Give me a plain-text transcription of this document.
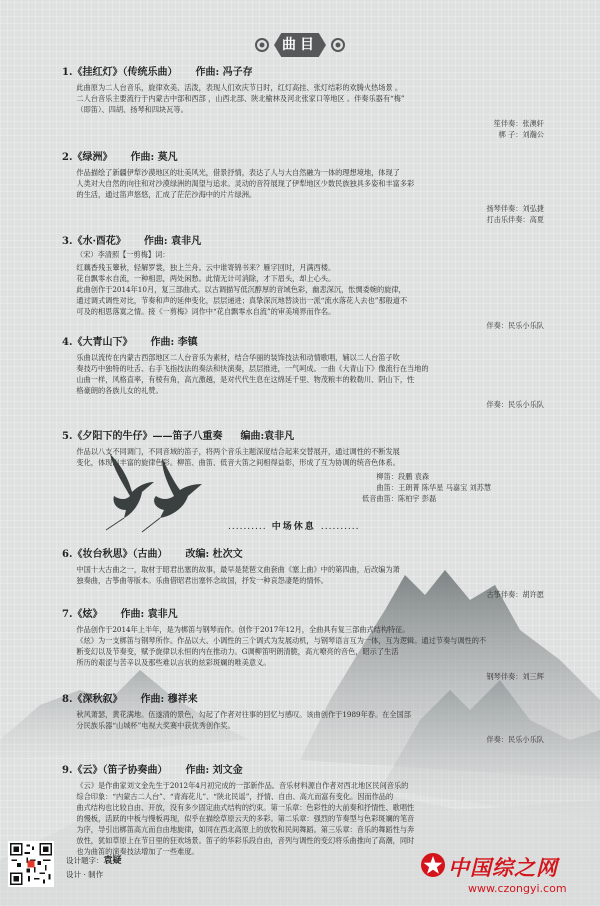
曲目
1.《挂红灯》（传统乐曲） 作曲: 冯子存
此曲原为二人台音乐，旋律欢美、活泼，表现人们欢庆节日时，红灯高挂、张灯结彩的欢腾火热场景 。
二人台音乐主要流行于内蒙古中部和西部 ，山西北部、陕北榆林及河北张家口等地区 。伴奏乐器有“梅”
（即笛）、四胡、扬琴和四块瓦等。
笙伴奏：张澳轩
梆 子：刘瀚公
2.《绿洲》 作曲: 莫凡
作品描绘了新疆伊犁沙漠地区的壮美风光，借景抒情，表达了人与大自然融为一体的理想境地，体现了
人类对大自然的向往和对沙漠绿洲的渴望与追求。灵动的音符展现了伊犁地区少数民族独具多姿和丰富多彩
的生活，通过笛声悠悠，汇成了茫茫沙海中的片片绿洲。
扬琴伴奏：刘弘捷
打击乐伴奏：高夏
3.《水·酉花》 作曲: 袁非凡
（宋）李清照【一剪梅】词：
红藕香残玉簟秋，轻解罗裳，独上兰舟。云中谁寄锦书来？雁字回时，月满西楼。
花自飘零水自流，一种相思，两处闲愁。此情无计可消除，才下眉头，却上心头。
此曲创作于2014年10月，复三部曲式。以古调描写低沉醇厚的音域色彩，幽悲深沉，怅惆委婉的旋律，
通过调式调性对比，节奏和声的延伸变化，层层递进；真挚深沉地替淡出一派“流水落花人去也”那般道不
可及的相思落寞之情。接《一剪梅》词作中“花自飘零水自流”的审美境界而作名。
伴奏：民乐小乐队
4.《大青山下》 作曲: 李镇
乐曲以流传在内蒙古西部地区二人台音乐为素材，结合华丽的装饰技法和动情歌唱，辅以二人台笛子吹
奏技巧中独特的吐舌、右手飞指技法的奏法和快演奏，层层推进，一气呵成。一曲《大青山下》像流行在当地的
山曲一样，风格直率，有棱有角，高亢激越，是对代代生息在这绵延千里、物茂粮丰的敕勒川、阴山下，性
格豪朗的各族儿女的礼赞。
伴奏：民乐小乐队
5.《夕阳下的牛仔》——笛子八重奏 编曲:袁非凡
作品以八支不同调门，不同音域的笛子，将两个音乐主题深度结合起来交替展开，通过调性的不断发展
变化，体现出丰富的旋律色彩。柳笛、曲笛、低音大笛之间相得益彰，形成了互为协调的统音色体系。
柳笛：段鹏 袁森
曲笛：王朗菁 陈华星 马嘉宝 刘苏慧
低音曲笛：陈柏宇 彭磊
.......... 中场休息 ..........
6.《妆台秋思》（古曲） 改编: 杜次文
中国十大古曲之一，取材于昭君出塞的故事，最早是琵琶文曲套曲《塞上曲》中的第四曲，后改编为萧
独奏曲，古筝曲等版本。乐曲借昭君出塞怀念故国，抒发一种哀怨凄楚的情怀。
古筝伴奏：胡许愿
7.《炫》 作曲: 袁非凡
作品创作于2014年上半年，是为梆笛与钢琴而作。创作于2017年12月，全曲具有复三部曲式结构特征。
《炫》为一支梆笛与钢琴所作。作品以大、小调性的三个调式为发展动机，与钢琴语言互为一体，互为逻辑。通过节奏与调性的不
断变幻以及节奏变，赋予旋律以永恒的内在推动力。G调柳笛明朗清脆，高亢嘹亮的音色，昭示了生活
所历的艰涩与苦辛以及那些难以言状的炫彩斑斓的唯美意义。
钢琴伴奏：刘三辉
8.《深秋叙》 作曲: 穆祥来
秋风萧瑟，黄花满地。伍遂清的景色，勾起了作者对往事的回忆与感叹。该曲创作于1989年春。在全国部
分民族乐器“山城杯”电视大奖赛中获优秀创作奖。
伴奏：民乐小乐队
9.《云》（笛子协奏曲） 作曲: 刘文金
《云》是作曲家刘文金先生于2012年4月初完成的一部新作品。音乐材料源自作者对西北地区民间音乐的
综合印象：“内蒙古二人台”、“青海花儿”、“陕北民谣”，抒情、自由、高亢而富有变化。因而作品的
曲式结构也比较自由、开放，没有多少固定曲式结构的约束。第一乐章：色彩性的大前奏和抒情性、歌唱性
的慢板，活跃的中板与慢板再现，似乎在描绘草原云天的多彩。第二乐章：强烈的节奏型与色彩斑斓的笔音
为序，导引出梆笛高亢而自由地旋律，如同在西北高原上的放牧和民间舞蹈。第三乐章：音乐的舞蹈性与奔
放性，犹如草原上在节日里的狂欢场景。笛子的华彩乐段自由，音列与调性的变幻将乐曲推向了高潮，同时
也为曲笛的演奏技法增加了一些难度。
设计题字：袁疑
设计 · 制作	中国综之网
www.czongyi.com
